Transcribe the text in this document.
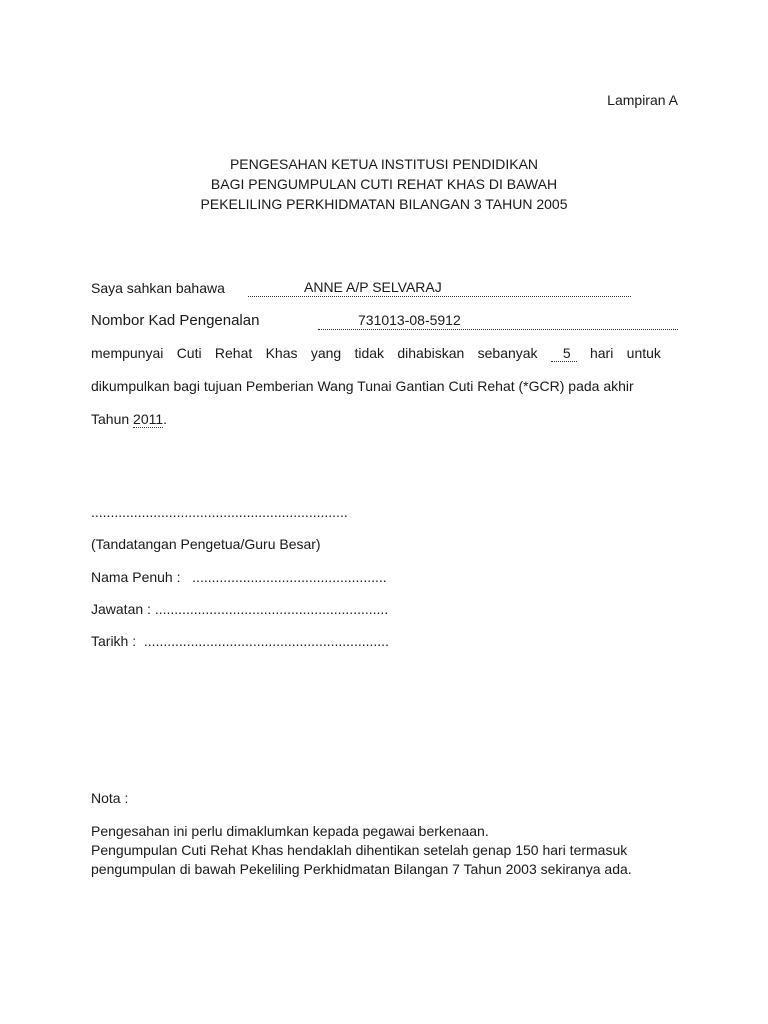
Lampiran A
PENGESAHAN KETUA INSTITUSI PENDIDIKAN
BAGI PENGUMPULAN CUTI REHAT KHAS DI BAWAH
PEKELILING PERKHIDMATAN BILANGAN 3 TAHUN 2005
Saya sahkan bahawa	ANNE A/P SELVARAJ
Nombor Kad Pengenalan	731013-08-5912
mempunyai Cuti Rehat Khas yang tidak dihabiskan sebanyak	5	hari untuk
dikumpulkan bagi tujuan Pemberian Wang Tunai Gantian Cuti Rehat (*GCR) pada akhir
Tahun 2011.
..................................................................
(Tandatangan Pengetua/Guru Besar)
Nama Penuh : ..................................................
Jawatan : ............................................................
Tarikh : ...............................................................
Nota :
Pengesahan ini perlu dimaklumkan kepada pegawai berkenaan.
Pengumpulan Cuti Rehat Khas hendaklah dihentikan setelah genap 150 hari termasuk
pengumpulan di bawah Pekeliling Perkhidmatan Bilangan 7 Tahun 2003 sekiranya ada.
